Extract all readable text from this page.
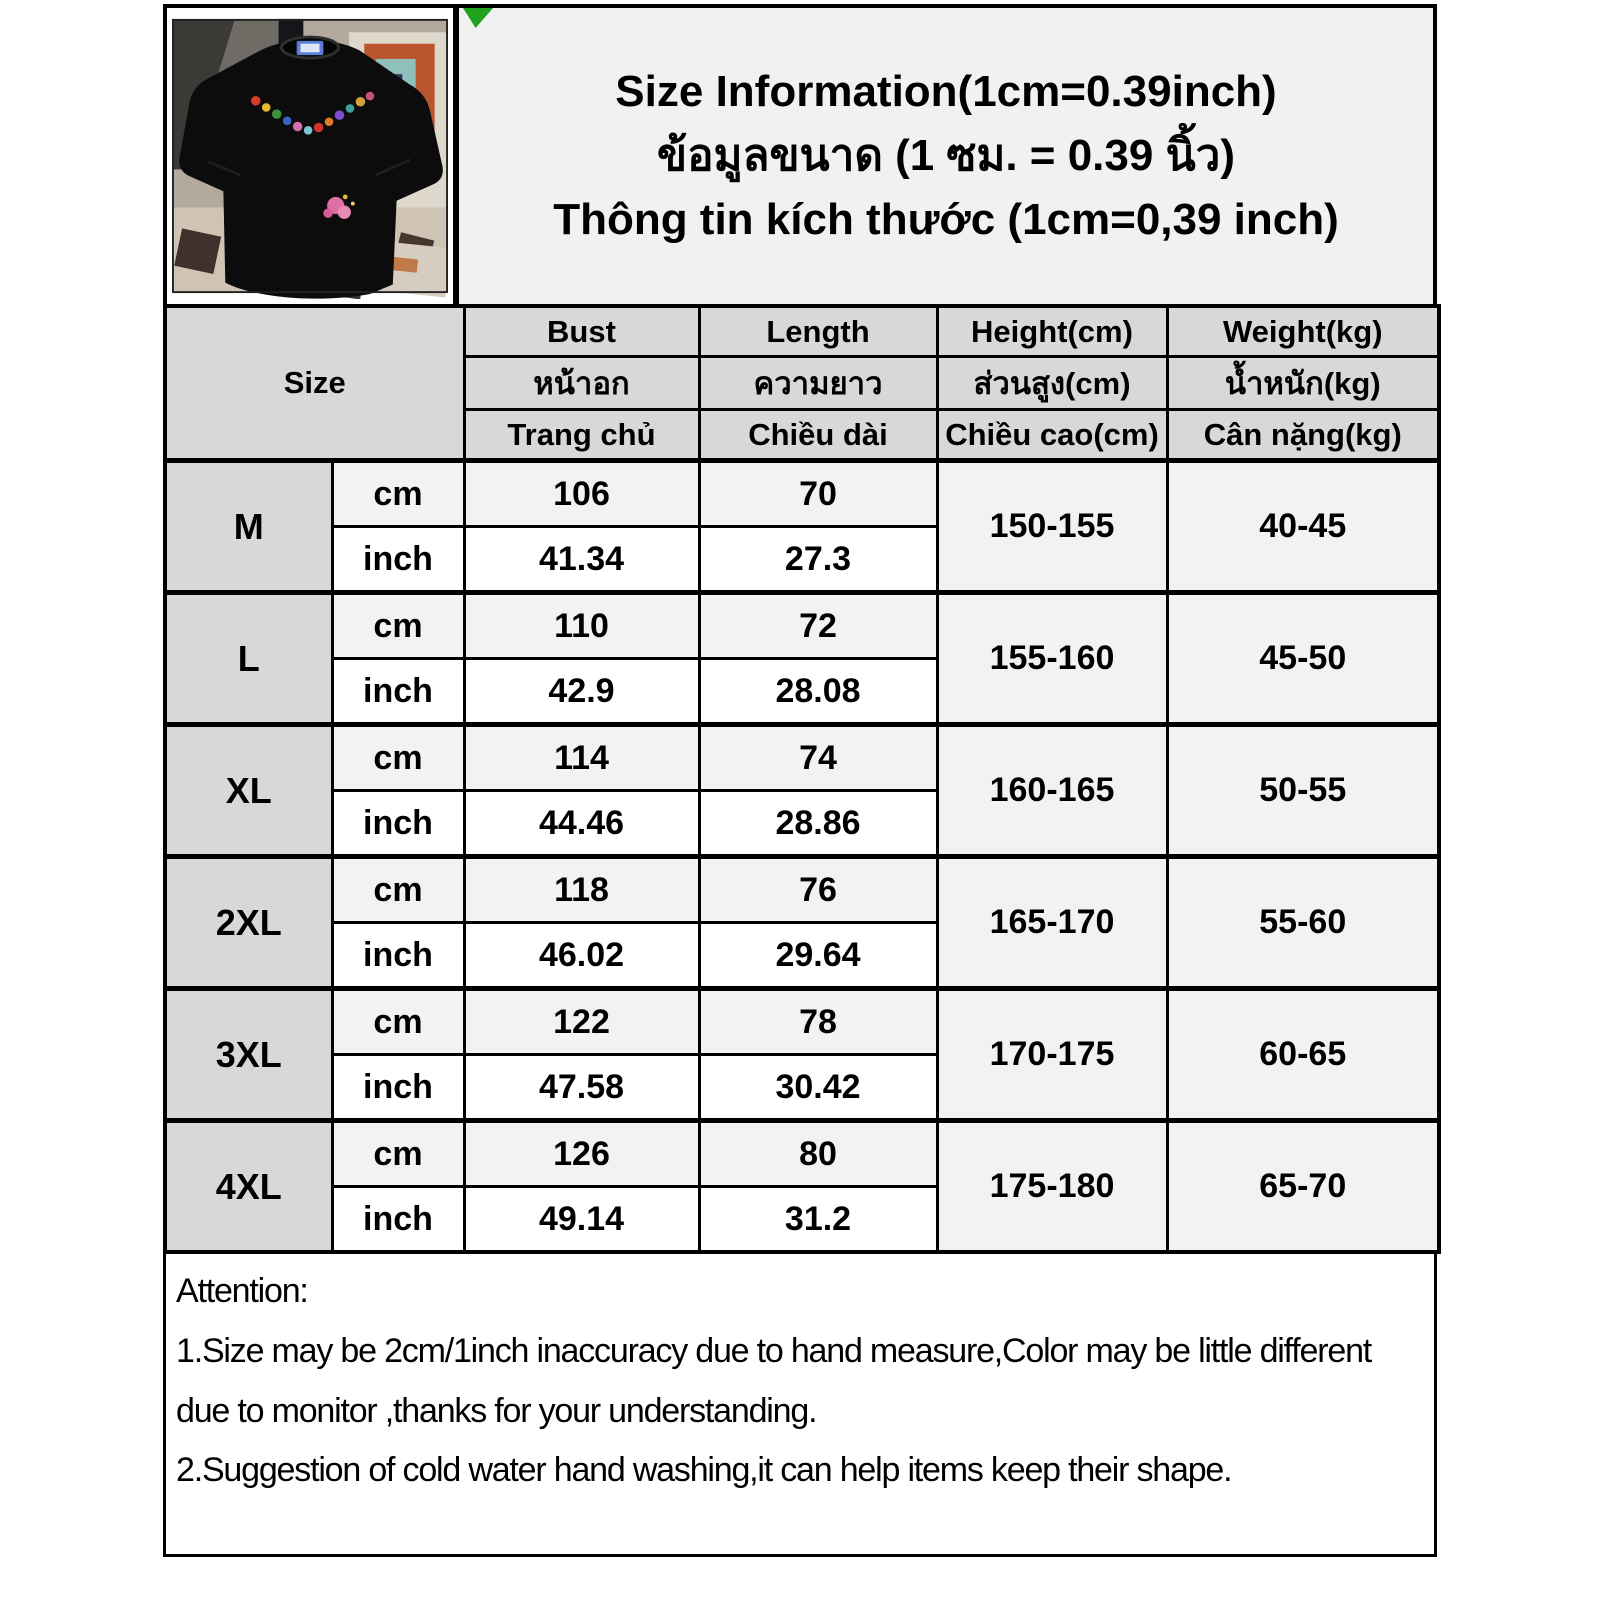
Size Information(1cm=0.39inch)
ข้อมูลขนาด (1 ซม. = 0.39 นิ้ว)
Thông tin kích thước (1cm=0,39 inch)
Size		Bust	Length	Height(cm)	Weight(kg)
		หน้าอก	ความยาว	ส่วนสูง(cm)	น้ำหนัก(kg)
		Trang chủ	Chiều dài	Chiều cao(cm)	Cân nặng(kg)
M	cm	106	70	150-155	40-45
	inch	41.34	27.3		
L	cm	110	72	155-160	45-50
	inch	42.9	28.08		
XL	cm	114	74	160-165	50-55
	inch	44.46	28.86		
2XL	cm	118	76	165-170	55-60
	inch	46.02	29.64		
3XL	cm	122	78	170-175	60-65
	inch	47.58	30.42		
4XL	cm	126	80	175-180	65-70
	inch	49.14	31.2		

Attention:

1.Size may be 2cm/1inch inaccuracy due to hand measure,Color may be little different due to monitor ,thanks for your understanding.

2.Suggestion of cold water hand washing,it can help items keep their shape.
